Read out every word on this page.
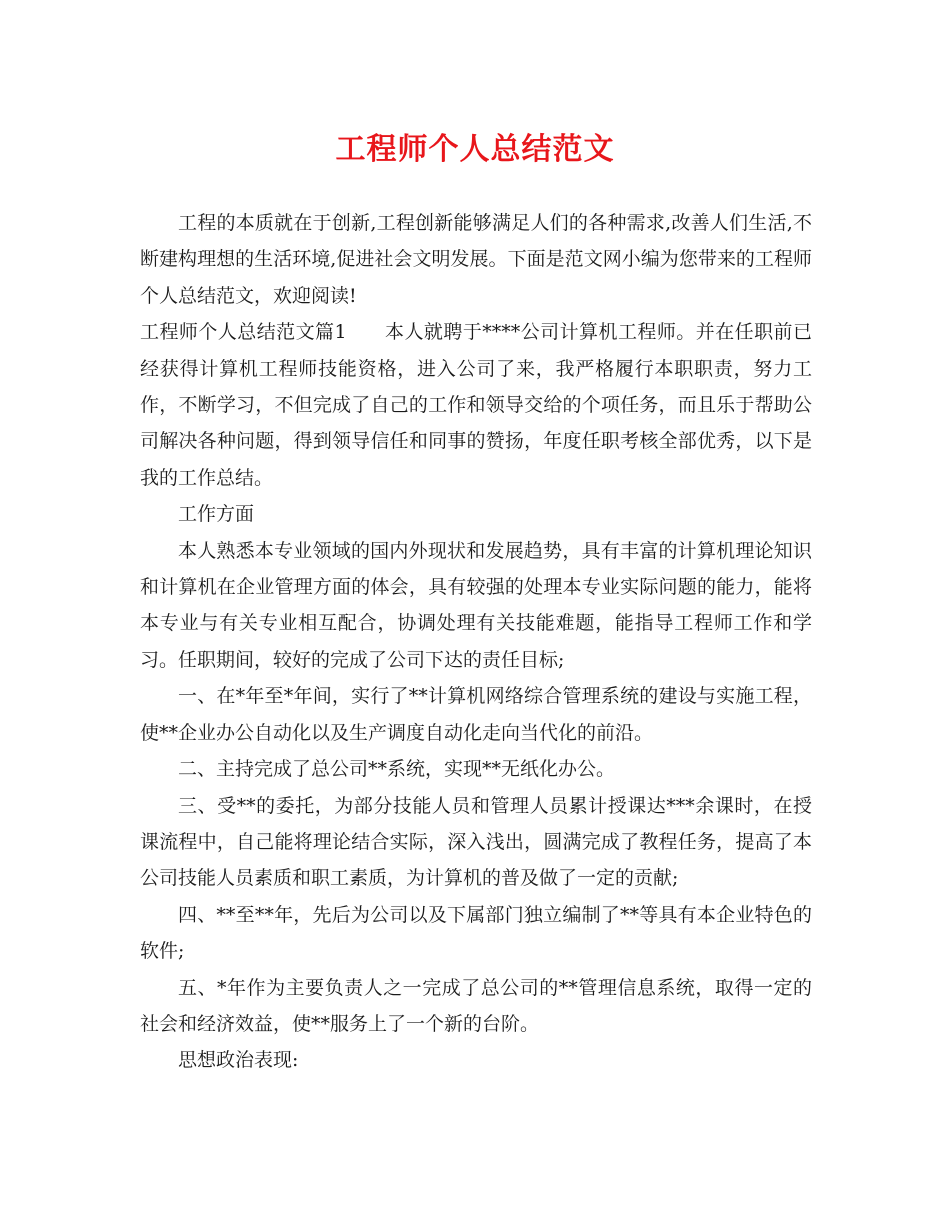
工程师个人总结范文

工程的本质就在于创新,工程创新能够满足人们的各种需求,改善人们生活,不断建构理想的生活环境,促进社会文明发展。下面是范文网小编为您带来的工程师个人总结范文，欢迎阅读!

工程师个人总结范文篇1 本人就聘于****公司计算机工程师。并在任职前已经获得计算机工程师技能资格，进入公司了来，我严格履行本职职责，努力工作，不断学习，不但完成了自己的工作和领导交给的个项任务，而且乐于帮助公司解决各种问题，得到领导信任和同事的赞扬，年度任职考核全部优秀，以下是我的工作总结。

工作方面

本人熟悉本专业领域的国内外现状和发展趋势，具有丰富的计算机理论知识和计算机在企业管理方面的体会，具有较强的处理本专业实际问题的能力，能将本专业与有关专业相互配合，协调处理有关技能难题，能指导工程师工作和学习。任职期间，较好的完成了公司下达的责任目标;

一、在*年至*年间，实行了**计算机网络综合管理系统的建设与实施工程，使**企业办公自动化以及生产调度自动化走向当代化的前沿。

二、主持完成了总公司**系统，实现**无纸化办公。

三、受**的委托，为部分技能人员和管理人员累计授课达***余课时，在授课流程中，自己能将理论结合实际，深入浅出，圆满完成了教程任务，提高了本公司技能人员素质和职工素质，为计算机的普及做了一定的贡献;

四、**至**年，先后为公司以及下属部门独立编制了**等具有本企业特色的软件;

五、*年作为主要负责人之一完成了总公司的**管理信息系统，取得一定的社会和经济效益，使**服务上了一个新的台阶。

思想政治表现:
